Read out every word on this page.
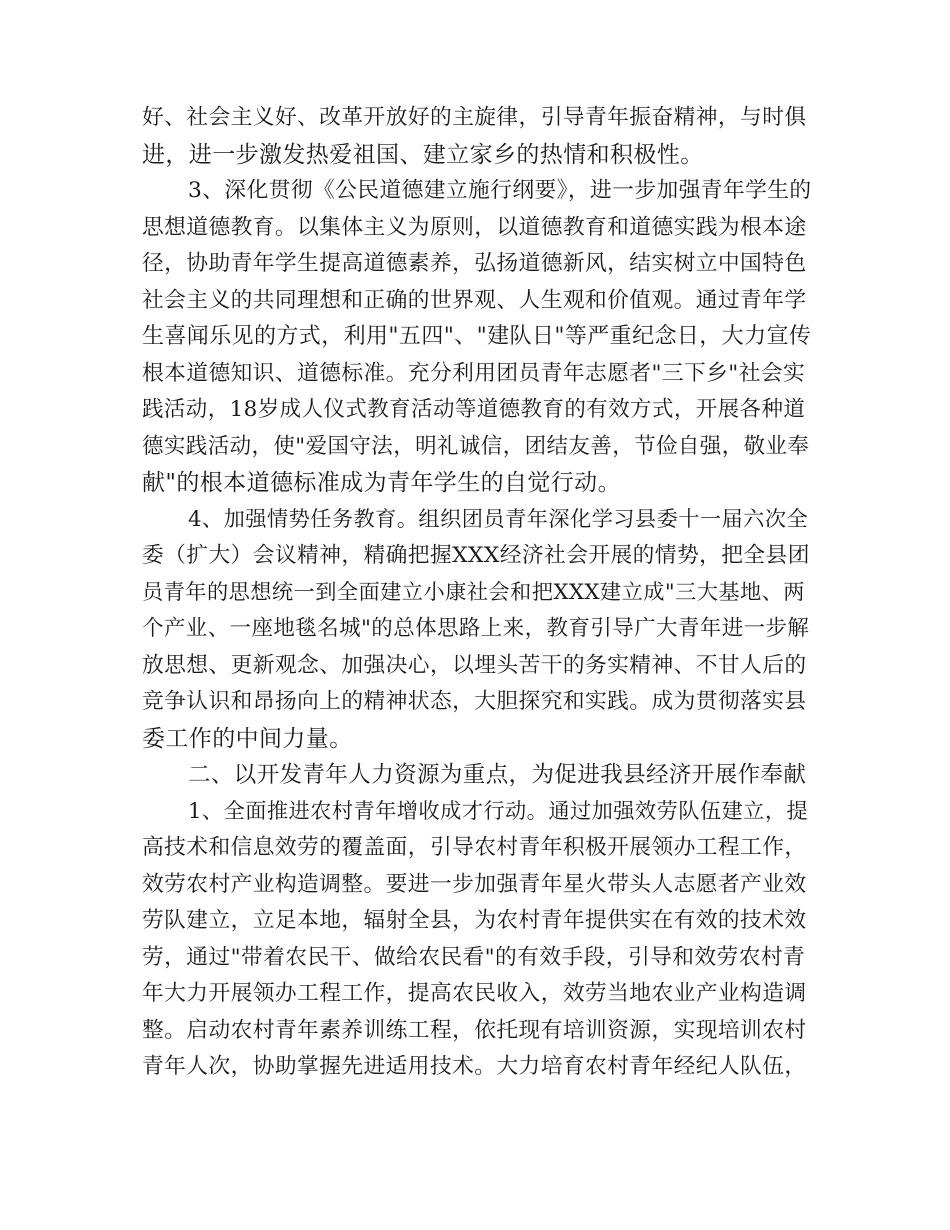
好、社会主义好、改革开放好的主旋律，引导青年振奋精神，与时俱
进，进一步激发热爱祖国、建立家乡的热情和积极性。
3、深化贯彻《公民道德建立施行纲要》，进一步加强青年学生的
思想道德教育。以集体主义为原则，以道德教育和道德实践为根本途
径，协助青年学生提高道德素养，弘扬道德新风，结实树立中国特色
社会主义的共同理想和正确的世界观、人生观和价值观。通过青年学
生喜闻乐见的方式，利用"五四"、"建队日"等严重纪念日，大力宣传
根本道德知识、道德标准。充分利用团员青年志愿者"三下乡"社会实
践活动，18岁成人仪式教育活动等道德教育的有效方式，开展各种道
德实践活动，使"爱国守法，明礼诚信，团结友善，节俭自强，敬业奉
献"的根本道德标准成为青年学生的自觉行动。
4、加强情势任务教育。组织团员青年深化学习县委十一届六次全
委（扩大）会议精神，精确把握XXX经济社会开展的情势，把全县团
员青年的思想统一到全面建立小康社会和把XXX建立成"三大基地、两
个产业、一座地毯名城"的总体思路上来，教育引导广大青年进一步解
放思想、更新观念、加强决心，以埋头苦干的务实精神、不甘人后的
竞争认识和昂扬向上的精神状态，大胆探究和实践。成为贯彻落实县
委工作的中间力量。
二、以开发青年人力资源为重点，为促进我县经济开展作奉献
1、全面推进农村青年增收成才行动。通过加强效劳队伍建立，提
高技术和信息效劳的覆盖面，引导农村青年积极开展领办工程工作，
效劳农村产业构造调整。要进一步加强青年星火带头人志愿者产业效
劳队建立，立足本地，辐射全县，为农村青年提供实在有效的技术效
劳，通过"带着农民干、做给农民看"的有效手段，引导和效劳农村青
年大力开展领办工程工作，提高农民收入，效劳当地农业产业构造调
整。启动农村青年素养训练工程，依托现有培训资源，实现培训农村
青年人次，协助掌握先进适用技术。大力培育农村青年经纪人队伍，
